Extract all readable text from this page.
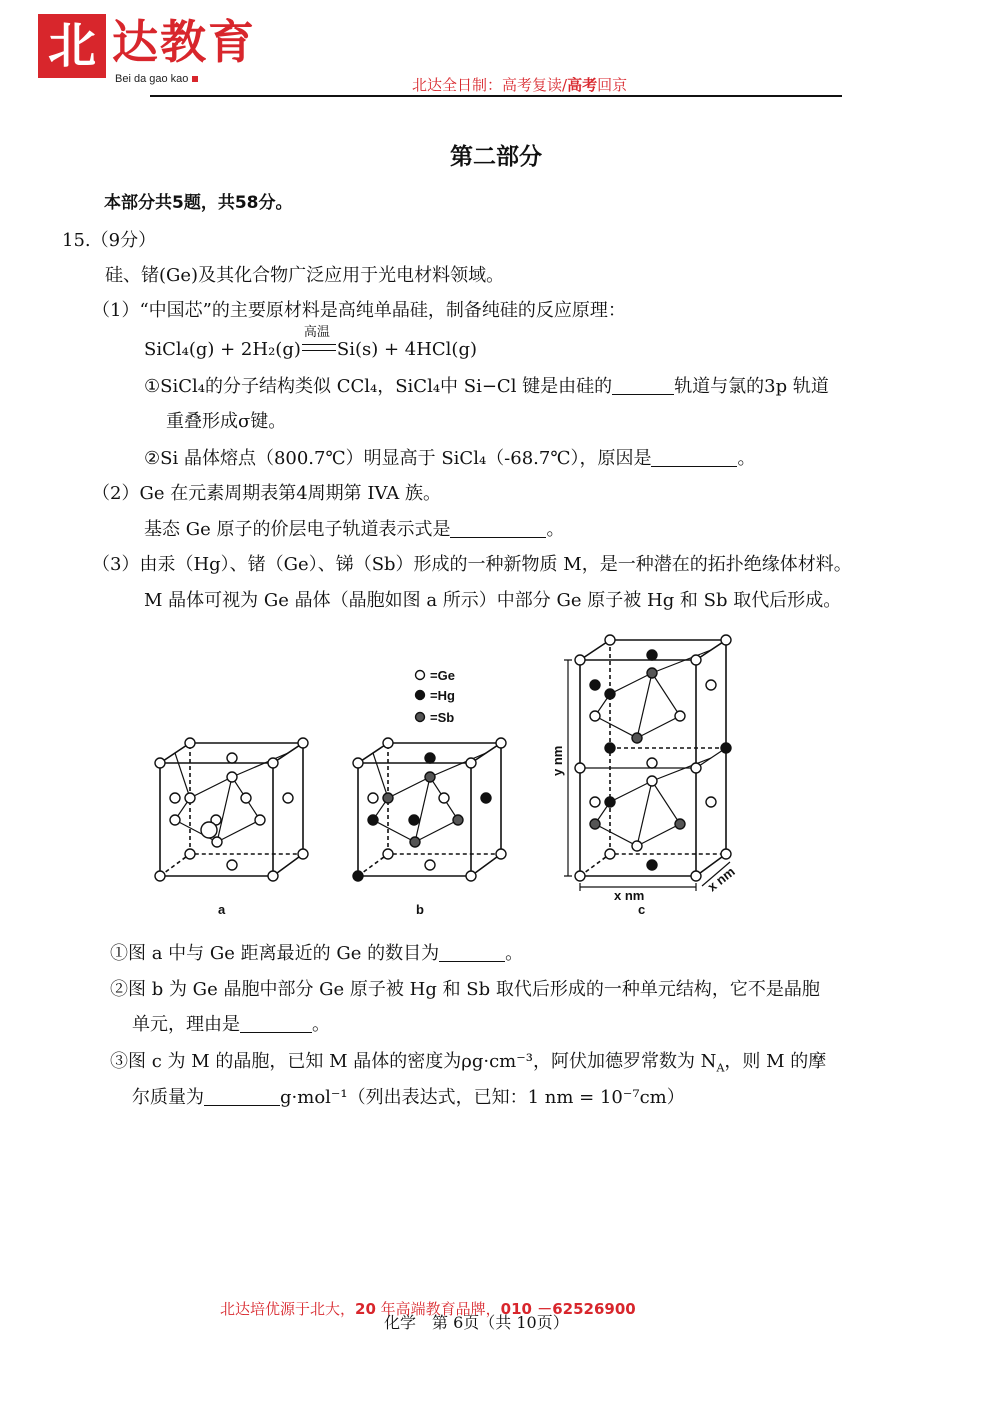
北 达教育
Bei da gao kao	北达全日制：高考复读/高考回京
第二部分
本部分共5题，共58分。
15.（9分）
硅、锗(Ge)及其化合物广泛应用于光电材料领域。
（1）“中国芯”的主要原材料是高纯单晶硅，制备纯硅的反应原理：
SiCl₄(g) + 2H₂(g)
高温
Si(s) + 4HCl(g)
①SiCl₄的分子结构类似 CCl₄，SiCl₄中 Si−Cl 键是由硅的	轨道与氯的3p 轨道
重叠形成σ键。
②Si 晶体熔点（800.7℃）明显高于 SiCl₄（-68.7℃），原因是	。
（2）Ge 在元素周期表第4周期第 IVA 族。
基态 Ge 原子的价层电子轨道表示式是	。
（3）由汞（Hg）、锗（Ge）、锑（Sb）形成的一种新物质 M，是一种潜在的拓扑绝缘体材料。
M 晶体可视为 Ge 晶体（晶胞如图 a 所示）中部分 Ge 原子被 Hg 和 Sb 取代后形成。
=Ge
=Hg
=Sb
a	b	c
x nm
y nm
x nm
①图 a 中与 Ge 距离最近的 Ge 的数目为	。
②图 b 为 Ge 晶胞中部分 Ge 原子被 Hg 和 Sb 取代后形成的一种单元结构，它不是晶胞
单元，理由是	。
③图 c 为 M 的晶胞，已知 M 晶体的密度为ρg·cm⁻³，阿伏加德罗常数为 $N_A$，则 M 的摩
尔质量为	g·mol⁻¹（列出表达式，已知：1 nm = 10⁻⁷cm）
北达培优源于北大，20 年高端教育品牌，010 －62526900
化学　第 6页（共 10页）
